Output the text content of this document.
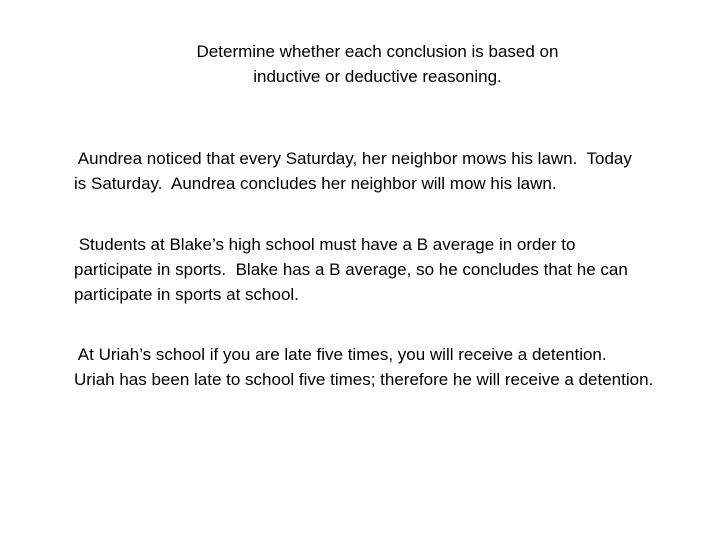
Determine whether each conclusion is based on
inductive or deductive reasoning.
Aundrea noticed that every Saturday, her neighbor mows his lawn.  Today
is Saturday.  Aundrea concludes her neighbor will mow his lawn.
Students at Blake’s high school must have a B average in order to
participate in sports.  Blake has a B average, so he concludes that he can
participate in sports at school.
At Uriah’s school if you are late five times, you will receive a detention.
Uriah has been late to school five times; therefore he will receive a detention.
